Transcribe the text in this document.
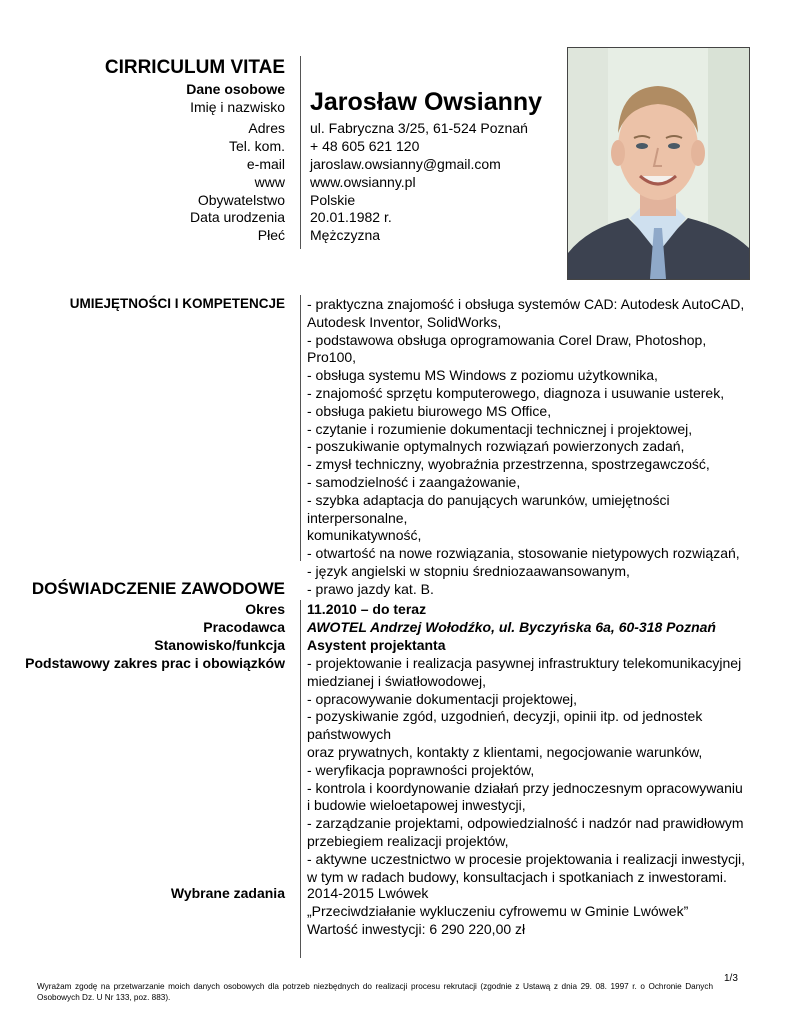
CIRRICULUM VITAE
Dane osobowe
Imię i nazwisko Jarosław Owsianny
Adres ul. Fabryczna 3/25, 61-524 Poznań
Tel. kom. + 48 605 621 120
e-mail jaroslaw.owsianny@gmail.com
www www.owsianny.pl
Obywatelstwo Polskie
Data urodzenia 20.01.1982 r.
Płeć Mężczyzna
UMIEJĘTNOŚCI I KOMPETENCJE - praktyczna znajomość i obsługa systemów CAD: Autodesk AutoCAD,
Autodesk Inventor, SolidWorks,
- podstawowa obsługa oprogramowania Corel Draw, Photoshop, Pro100,
- obsługa systemu MS Windows z poziomu użytkownika,
- znajomość sprzętu komputerowego, diagnoza i usuwanie usterek,
- obsługa pakietu biurowego MS Office,
- czytanie i rozumienie dokumentacji technicznej i projektowej,
- poszukiwanie optymalnych rozwiązań powierzonych zadań,
- zmysł techniczny, wyobraźnia przestrzenna, spostrzegawczość,
- samodzielność i zaangażowanie,
- szybka adaptacja do panujących warunków, umiejętności interpersonalne,
komunikatywność,
- otwartość na nowe rozwiązania, stosowanie nietypowych rozwiązań,
- język angielski w stopniu średniozaawansowanym,
- prawo jazdy kat. B.
DOŚWIADCZENIE ZAWODOWE
Okres 11.2010 – do teraz
Pracodawca AWOTEL Andrzej Wołodźko, ul. Byczyńska 6a, 60-318 Poznań
Stanowisko/funkcja Asystent projektanta
Podstawowy zakres prac i obowiązków - projektowanie i realizacja pasywnej infrastruktury telekomunikacyjnej
miedzianej i światłowodowej,
- opracowywanie dokumentacji projektowej,
- pozyskiwanie zgód, uzgodnień, decyzji, opinii itp. od jednostek państwowych
oraz prywatnych, kontakty z klientami, negocjowanie warunków,
- weryfikacja poprawności projektów,
- kontrola i koordynowanie działań przy jednoczesnym opracowywaniu
i budowie wieloetapowej inwestycji,
- zarządzanie projektami, odpowiedzialność i nadzór nad prawidłowym
przebiegiem realizacji projektów,
- aktywne uczestnictwo w procesie projektowania i realizacji inwestycji,
w tym w radach budowy, konsultacjach i spotkaniach z inwestorami.
Wybrane zadania 2014-2015 Lwówek
„Przeciwdziałanie wykluczeniu cyfrowemu w Gminie Lwówek”
Wartość inwestycji: 6 290 220,00 zł
1/3
Wyrażam zgodę na przetwarzanie moich danych osobowych dla potrzeb niezbędnych do realizacji procesu rekrutacji (zgodnie z Ustawą z dnia 29. 08. 1997 r. o Ochronie Danych Osobowych Dz. U Nr 133, poz. 883).
